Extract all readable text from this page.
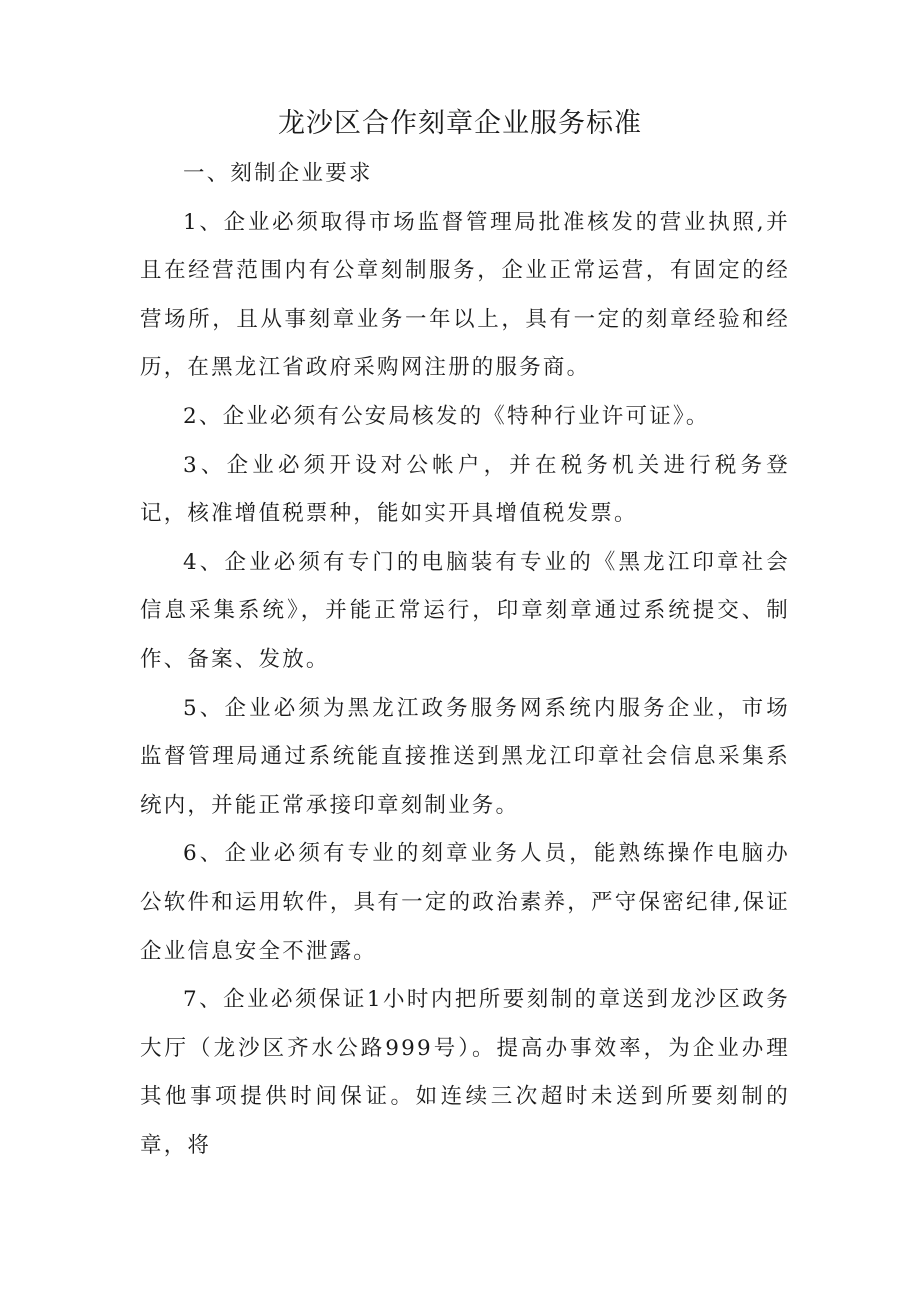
龙沙区合作刻章企业服务标准

一、刻制企业要求

1、企业必须取得市场监督管理局批准核发的营业执照,并且在经营范围内有公章刻制服务，企业正常运营，有固定的经营场所，且从事刻章业务一年以上，具有一定的刻章经验和经历，在黑龙江省政府采购网注册的服务商。

2、企业必须有公安局核发的《特种行业许可证》。

3、企业必须开设对公帐户，并在税务机关进行税务登记，核准增值税票种，能如实开具增值税发票。

4、企业必须有专门的电脑装有专业的《黑龙江印章社会信息采集系统》，并能正常运行，印章刻章通过系统提交、制作、备案、发放。

5、企业必须为黑龙江政务服务网系统内服务企业，市场监督管理局通过系统能直接推送到黑龙江印章社会信息采集系统内，并能正常承接印章刻制业务。

6、企业必须有专业的刻章业务人员，能熟练操作电脑办公软件和运用软件，具有一定的政治素养，严守保密纪律,保证企业信息安全不泄露。

7、企业必须保证1小时内把所要刻制的章送到龙沙区政务大厅（龙沙区齐水公路999号）。提高办事效率，为企业办理其他事项提供时间保证。如连续三次超时未送到所要刻制的章，将
